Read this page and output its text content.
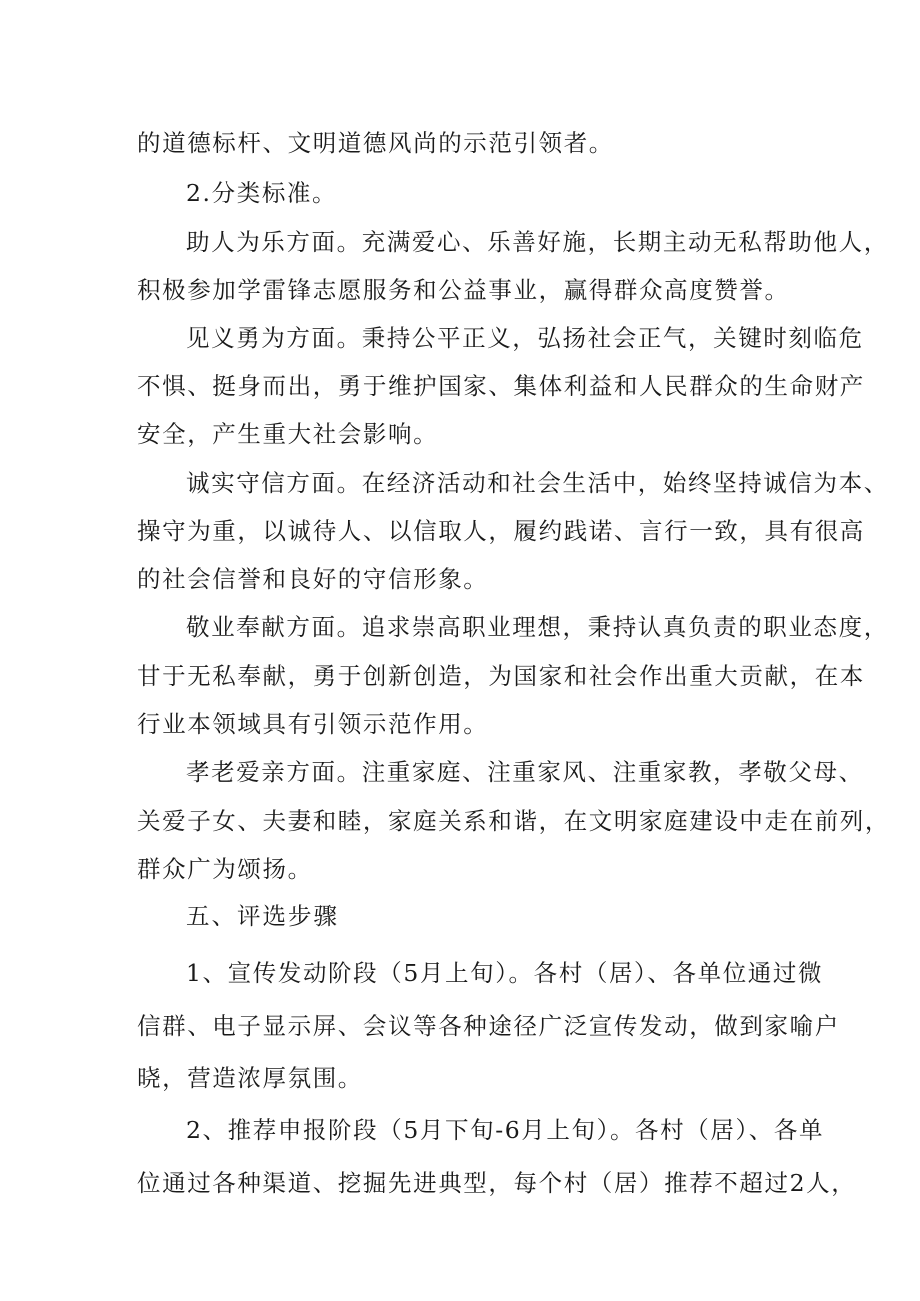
的道德标杆、文明道德风尚的示范引领者。
2.分类标准。
助人为乐方面。充满爱心、乐善好施，长期主动无私帮助他人，
积极参加学雷锋志愿服务和公益事业，赢得群众高度赞誉。
见义勇为方面。秉持公平正义，弘扬社会正气，关键时刻临危
不惧、挺身而出，勇于维护国家、集体利益和人民群众的生命财产
安全，产生重大社会影响。
诚实守信方面。在经济活动和社会生活中，始终坚持诚信为本、
操守为重，以诚待人、以信取人，履约践诺、言行一致，具有很高
的社会信誉和良好的守信形象。
敬业奉献方面。追求崇高职业理想，秉持认真负责的职业态度，
甘于无私奉献，勇于创新创造，为国家和社会作出重大贡献，在本
行业本领域具有引领示范作用。
孝老爱亲方面。注重家庭、注重家风、注重家教，孝敬父母、
关爱子女、夫妻和睦，家庭关系和谐，在文明家庭建设中走在前列，
群众广为颂扬。
五、评选步骤
1、宣传发动阶段（5月上旬）。各村（居）、各单位通过微
信群、电子显示屏、会议等各种途径广泛宣传发动，做到家喻户
晓，营造浓厚氛围。
2、推荐申报阶段（5月下旬-6月上旬）。各村（居）、各单
位通过各种渠道、挖掘先进典型，每个村（居）推荐不超过2人，
